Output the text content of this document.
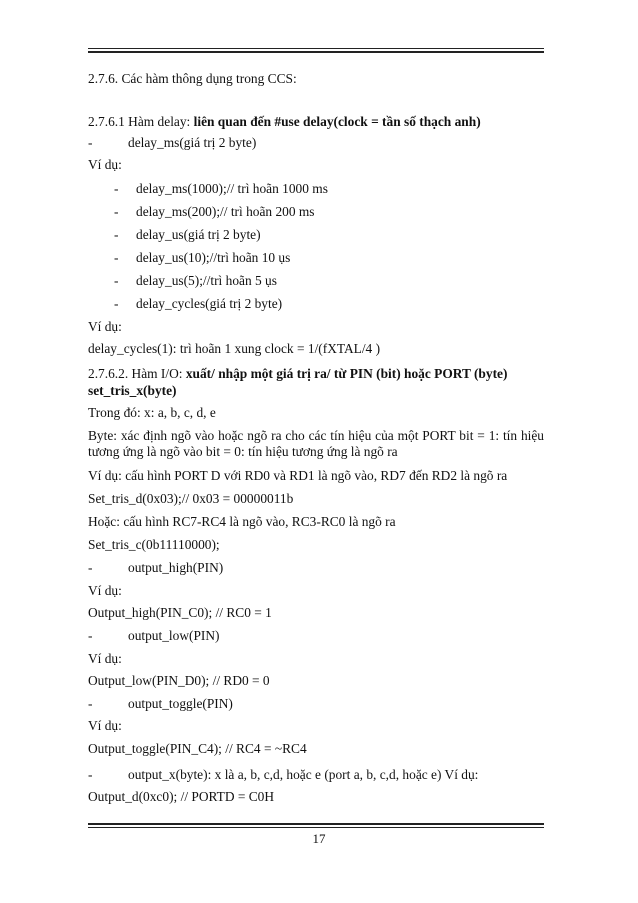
2.7.6. Các hàm thông dụng trong CCS:
2.7.6.1 Hàm delay: liên quan đến #use delay(clock = tần số thạch anh)
-	delay_ms(giá trị 2 byte)
Ví dụ:
- delay_ms(1000);// trì hoãn 1000 ms
- delay_ms(200);// trì hoãn 200 ms
- delay_us(giá trị 2 byte)
- delay_us(10);//trì hoãn 10 ụs
- delay_us(5);//trì hoãn 5 ụs
- delay_cycles(giá trị 2 byte)
Ví dụ:
delay_cycles(1): trì hoãn 1 xung clock = 1/(fXTAL/4 )
2.7.6.2. Hàm I/O: xuất/ nhập một giá trị ra/ từ PIN (bit) hoặc PORT (byte)
set_tris_x(byte)
Trong đó: x: a, b, c, d, e
Byte: xác định ngõ vào hoặc ngõ ra cho các tín hiệu của một PORT bit = 1: tín hiệu tương ứng là ngõ vào bit = 0: tín hiệu tương ứng là ngõ ra
Ví dụ: cấu hình PORT D với RD0 và RD1 là ngõ vào, RD7 đến RD2 là ngõ ra
Set_tris_d(0x03);// 0x03 = 00000011b
Hoặc: cấu hình RC7-RC4 là ngõ vào, RC3-RC0 là ngõ ra
Set_tris_c(0b11110000);
-	output_high(PIN)
Ví dụ:
Output_high(PIN_C0); // RC0 = 1
-	output_low(PIN)
Ví dụ:
Output_low(PIN_D0); // RD0 = 0
-	output_toggle(PIN)
Ví dụ:
Output_toggle(PIN_C4); // RC4 = ~RC4
-	output_x(byte): x là a, b, c,d, hoặc e (port a, b, c,d, hoặc e) Ví dụ:
Output_d(0xc0); // PORTD = C0H
17
